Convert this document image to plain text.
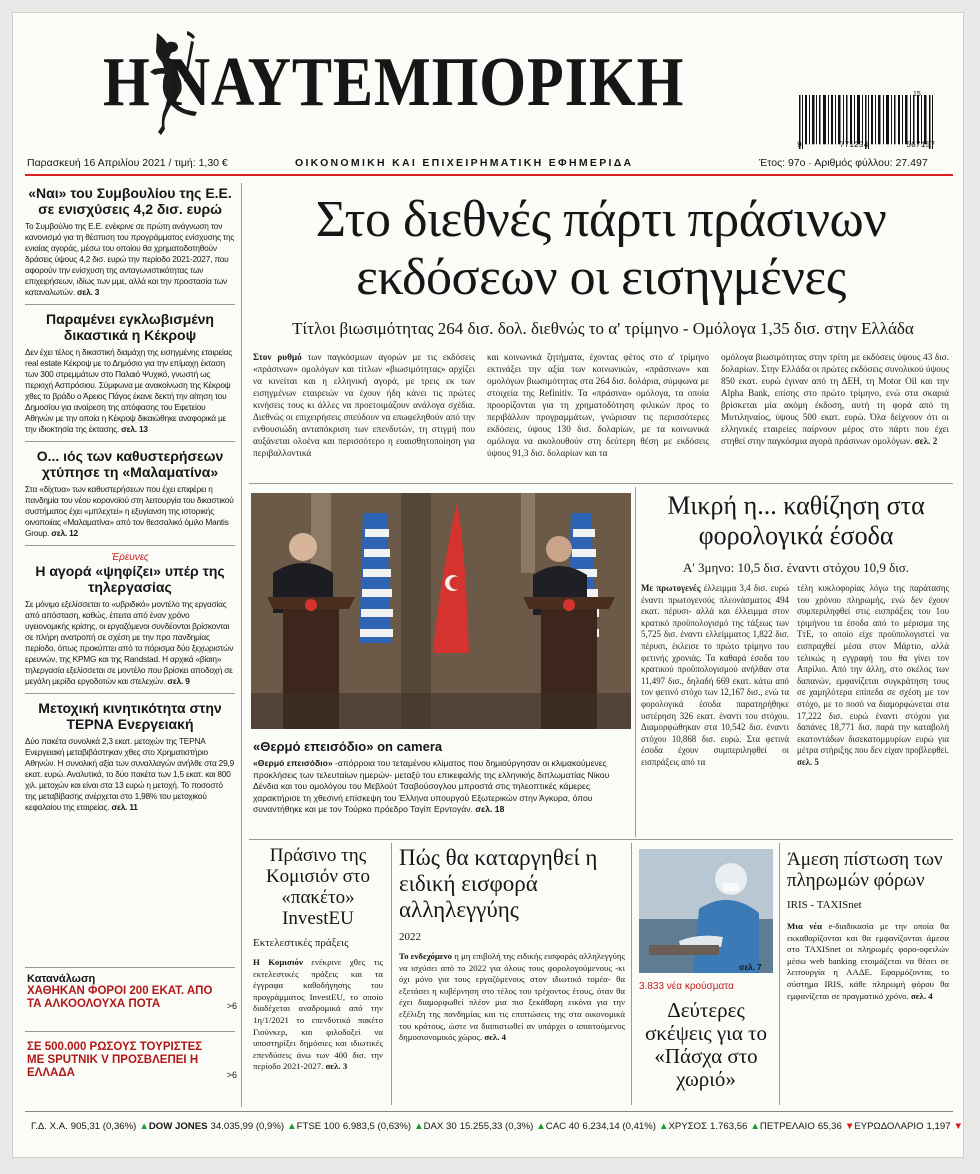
Η ΝΑΥΤΕΜΠΟΡΙΚΗ	15
9	771234	567157
Παρασκευή 16 Απριλίου 2021 / τιμή: 1,30 €	ΟΙΚΟΝΟΜΙΚΗ ΚΑΙ ΕΠΙΧΕΙΡΗΜΑΤΙΚΗ ΕΦΗΜΕΡΙΔΑ	Έτος: 97ο · Αριθμός φύλλου: 27.497
«Ναι» του Συμβουλίου της Ε.Ε. σε ενισχύσεις 4,2 δισ. ευρώ
Το Συμβούλιο της Ε.Ε. ενέκρινε σε πρώτη ανάγνωση τον κανονισμό για τη θέσπιση του προγράμματος ενίσχυσης της ενιαίας αγοράς, μέσω του οποίου θα χρηματοδοτηθούν δράσεις ύψους 4,2 δισ. ευρώ την περίοδο 2021-2027, που αφορούν την ενίσχυση της ανταγωνιστικότητας των επιχειρήσεων, ιδίως των μμε, αλλά και την προστασία των καταναλωτών. σελ. 3
Παραμένει εγκλωβισμένη δικαστικά η Κέκροψ
Δεν έχει τέλος η δικαστική διαμάχη της εισηγμένης εταιρείας real estate Κέκροψ με το Δημόσιο για την επίμαχη έκταση των 300 στρεμμάτων στο Παλαιό Ψυχικό, γνωστή ως περιοχή Ασπρόσιου. Σύμφωνα με ανακοίνωση της Κέκροψ χθες το βράδυ ο Άρειος Πάγος έκανε δεκτή την αίτηση του Δημοσίου για αναίρεση της απόφασης του Εφετείου Αθηνών με την οποία η Κέκροψ δικαιώθηκε αναφορικά με την ιδιοκτησία της έκτασης. σελ. 13
Ο... ιός των καθυστερήσεων χτύπησε τη «Μαλαματίνα»
Στα «δίχτυα» των καθυστερήσεων που έχει επιφέρει η πανδημία του νέου κορονοϊού στη λειτουργία του δικαστικού συστήματος έχει «μπλεχτεί» η εξυγίανση της ιστορικής οινοποιίας «Μαλαματίνα» από τον θεσσαλικό όμιλο Mantis Group. σελ. 12
Έρευνες
Η αγορά «ψηφίζει» υπέρ της τηλεργασίας
Σε μόνιμο εξελίσσεται το «υβριδικό» μοντέλο της εργασίας από απόσταση, καθώς, έπειτα από έναν χρόνο υγειονομικής κρίσης, οι εργαζόμενοι συνδέονται βρίσκονται σε πλήρη ανατροπή σε σχέση με την προ πανδημίας περίοδο, όπως προκύπτει από το πόρισμα δύο ξεχωριστών ερευνών, της KPMG και της Randstad. Η αρχικά «βίαιη» τηλεργασία εξελίσσεται σε μοντέλο που βρίσκει αποδοχή σε μεγάλη μερίδα εργοδοτών και στελεχών. σελ. 9
Μετοχική κινητικότητα στην ΤΕΡΝΑ Ενεργειακή
Δύο πακέτα συνολικά 2,3 εκατ. μετοχών της ΤΕΡΝΑ Ενεργειακή μεταβιβάστηκαν χθες στο Χρηματιστήριο Αθηνών. Η συνολική αξία των συναλλαγών ανήλθε στα 29,9 εκατ. ευρώ. Αναλυτικά, το δύο πακέτα των 1,5 εκατ. και 800 χιλ. μετοχών και είναι στα 13 ευρώ η μετοχή. Το ποσοστό της μεταβίβασης ανέρχεται στο 1,98% του μετοχικού κεφαλαίου της εταιρείας. σελ. 11
Κατανάλωση
ΧΑΘΗΚΑΝ ΦΟΡΟΙ 200 ΕΚΑΤ. ΑΠΟ ΤΑ ΑΛΚΟΟΛΟΥΧΑ ΠΟΤΑ	>6
ΣΕ 500.000 ΡΩΣΟΥΣ ΤΟΥΡΙΣΤΕΣ ΜΕ SPUTNIK V ΠΡΟΣΒΛΕΠΕΙ Η ΕΛΛΑΔΑ	>6
Στο διεθνές πάρτι πράσινων εκδόσεων οι εισηγμένες
Τίτλοι βιωσιμότητας 264 δισ. δολ. διεθνώς το α' τρίμηνο - Ομόλογα 1,35 δισ. στην Ελλάδα
Στον ρυθμό των παγκόσμιων αγορών με τις εκδόσεις «πράσινων» ομολόγων και τίτλων «βιωσιμότητας» αρχίζει να κινείται και η ελληνική αγορά, με τρεις εκ των εισηγμένων εταιρειών να έχουν ήδη κάνει τις πρώτες κινήσεις τους κι άλλες να προετοιμάζουν ανάλογα σχέδια. Διεθνώς οι επιχειρήσεις σπεύδουν να επωφεληθούν από την ενθουσιώδη ανταπόκριση των επενδυτών, τη στιγμή που αυξάνεται ολοένα και περισσότερο η ευαισθητοποίηση για περιβαλλοντικά
και κοινωνικά ζητήματα, έχοντας φέτος στο α' τρίμηνο εκτινάξει την αξία των κοινωνικών, «πράσινων» και ομολόγων βιωσιμότητας στα 264 δισ. δολάρια, σύμφωνα με στοιχεία της Refinitiv. Τα «πράσινα» ομόλογα, τα οποία προορίζονται για τη χρηματοδότηση φιλικών προς το περιβάλλον προγραμμάτων, γνώρισαν τις περισσότερες εκδόσεις, ύψους 130 δισ. δολαρίων, με τα κοινωνικά ομόλογα να ακολουθούν στη δεύτερη θέση με εκδόσεις ύψους 91,3 δισ. δολαρίων και τα
ομόλογα βιωσιμότητας στην τρίτη με εκδόσεις ύψους 43 δισ. δολαρίων. Στην Ελλάδα οι πρώτες εκδόσεις συνολικού ύψους 850 εκατ. ευρώ έγιναν από τη ΔΕΗ, τη Motor Oil και την Alpha Bank, επίσης στο πρώτο τρίμηνο, ενώ στα σκαριά βρίσκεται μία ακόμη έκδοση, αυτή τη φορά από τη Μυτιληναίος, ύψους 500 εκατ. ευρώ. Όλα δείχνουν ότι οι ελληνικές εταιρείες παίρνουν μέρος στο πάρτι που έχει στηθεί στην παγκόσμια αγορά πράσινων ομολόγων. σελ. 2
«Θερμό επεισόδιο» on camera
«Θερμό επεισόδιο» -απόρροια του τεταμένου κλίματος που δημιούργησαν οι κλιμακούμενες προκλήσεις των τελευταίων ημερών- μεταξύ του επικεφαλής της ελληνικής διπλωματίας Νίκου Δένδια και του ομολόγου του Μεβλούτ Τσαβούσογλου μπροστά στις τηλεοπτικές κάμερες χαρακτήρισε τη χθεσινή επίσκεψη του Έλληνα υπουργού Εξωτερικών στην Άγκυρα, όπου συναντήθηκε και με τον Τούρκο πρόεδρο Ταγίπ Ερντογάν. σελ. 18
Μικρή η... καθίζηση στα φορολογικά έσοδα
Α' 3μηνο: 10,5 δισ. έναντι στόχου 10,9 δισ.
Με πρωτογενές έλλειμμα 3,4 δισ. ευρώ έναντι πρωτογενούς πλεονάσματος 494 εκατ. πέρυσι- αλλά και έλλειμμα στον κρατικό προϋπολογισμό της τάξεως των 5,725 δισ. έναντι ελλείμματος 1,822 δισ. πέρυσι, έκλεισε το πρώτο τρίμηνο του φετινής χρονιάς. Τα καθαρά έσοδα του κρατικού προϋπολογισμού ανήλθαν στα 11,497 δισ., δηλαδή 669 εκατ. κάτω από τον φετινό στόχο των 12,167 δισ., ενώ τα φορολογικά έσοδα παρατηρήθηκε υστέρηση 326 εκατ. έναντι του στόχου. Διαμορφώθηκαν στα 10,542 δισ. έναντι στόχου 10,868 δισ. ευρώ. Στα φετινά έσοδα έχουν συμπεριληφθεί οι εισπράξεις από τα
τέλη κυκλοφορίας λόγω της παράτασης του χρόνου πληρωμής, ενώ δεν έχουν συμπεριληφθεί στις εισπράξεις του 1ου τριμήνου τα έσοδα από το μέρισμα της ΤτΕ, το οποίο είχε προϋπολογιστεί να εισπραχθεί μέσα στον Μάρτιο, αλλά τελικώς η εγγραφή του θα γίνει τον Απρίλιο. Από την άλλη, στο σκέλος των δαπανών, εμφανίζεται συγκράτηση τους σε χαμηλότερα επίπεδα σε σχέση με τον στόχο, με το ποσό να διαμορφώνεται στα 17,222 δισ. ευρώ έναντι στόχου για δαπάνες 18,771 δισ. παρά την καταβολή εκατοντάδων δισεκατομμυρίων ευρώ για μέτρα στήριξης που δεν είχαν προβλεφθεί. σελ. 5
Πράσινο της Κομισιόν στο «πακέτο» InvestEU
Εκτελεστικές πράξεις
Η Κομισιόν ενέκρινε χθες τις εκτελεστικές πράξεις και τα έγγραφα καθοδήγησης του προγράμματος InvestEU, το οποίο διαδέχεται αναδρομικά από την 1η/1/2021 το επενδυτικό πακέτο Γιούνκερ, και φιλοδοξεί να υποστηρίξει δημόσιες και ιδιωτικές επενδύσεις άνω των 400 δισ. την περίοδο 2021-2027. σελ. 3
Πώς θα καταργηθεί η ειδική εισφορά αλληλεγγύης
2022
Το ενδεχόμενο η μη επιβολή της ειδικής εισφοράς αλληλεγγύης να ισχύσει από το 2022 για όλους τους φορολογούμενους -κι όχι μόνο για τους εργαζόμενους στον ιδιωτικό τομέα- θα εξετάσει η κυβέρνηση στο τέλος του τρέχοντος έτους, όταν θα έχει διαμορφωθεί πλέον μια πιο ξεκάθαρη εικόνα για την εξέλιξη της πανδημίας και τις επιπτώσεις της στα οικονομικά του κράτους, ώστε να διαπιστωθεί αν υπάρχει ο απαιτούμενος δημοσιονομικός χώρος. σελ. 4
σελ. 7
3.833 νέα κρούσματα
Δεύτερες σκέψεις για το «Πάσχα στο χωριό»
Άμεση πίστωση των πληρωμών φόρων
IRIS - TAXISnet
Μια νέα e-διαδικασία με την οποία θα εκκαθαρίζονται και θα εμφανίζονται άμεσα στο TAXISnet οι πληρωμές φορο-οφειλών μέσω web banking ετοιμάζεται να θέσει σε λειτουργία η ΑΑΔΕ. Εφαρμόζοντας το σύστημα IRIS, κάθε πληρωμή φόρου θα εμφανίζεται σε πραγματικό χρόνο. σελ. 4
Γ.Δ. Χ.Α. 905,31 (0,36%) ▲ DOW JONES 34.035,99 (0,9%) ▲ FTSE 100 6.983,5 (0,63%) ▲ DAX 30 15.255,33 (0,3%) ▲ CAC 40 6.234,14 (0,41%) ▲ ΧΡΥΣΟΣ 1.763,56 ▲ ΠΕΤΡΕΛΑΙΟ 65,36 ▼ ΕΥΡΩΔΟΛΑΡΙΟ 1,197 ▼
